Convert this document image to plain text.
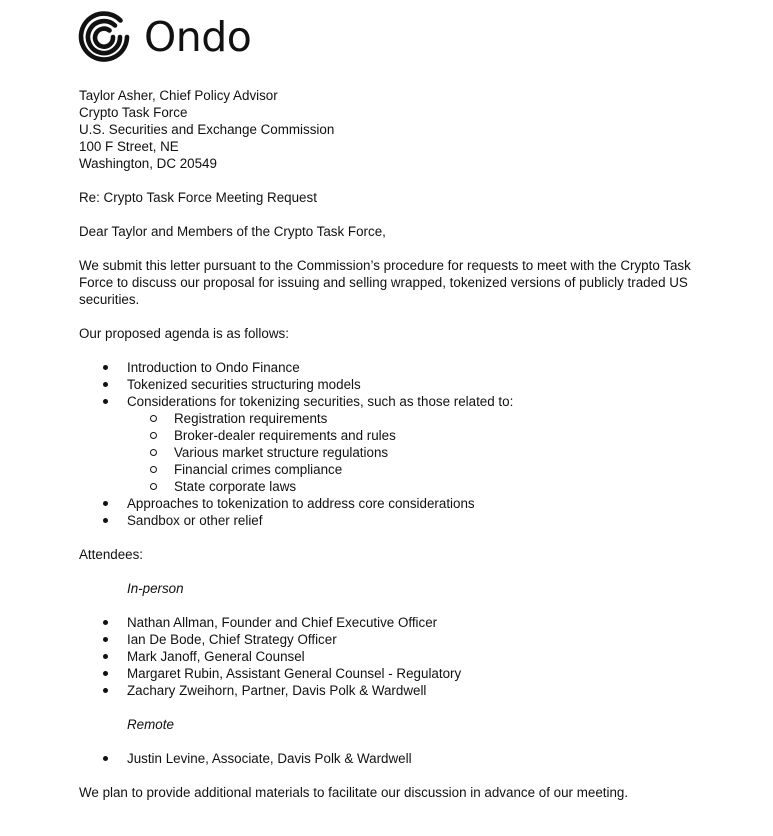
Ondo
Taylor Asher, Chief Policy Advisor
Crypto Task Force
U.S. Securities and Exchange Commission
100 F Street, NE
Washington, DC 20549
Re: Crypto Task Force Meeting Request
Dear Taylor and Members of the Crypto Task Force,
We submit this letter pursuant to the Commission’s procedure for requests to meet with the Crypto Task
Force to discuss our proposal for issuing and selling wrapped, tokenized versions of publicly traded US
securities.
Our proposed agenda is as follows:
Introduction to Ondo Finance
Tokenized securities structuring models
Considerations for tokenizing securities, such as those related to:
Registration requirements
Broker-dealer requirements and rules
Various market structure regulations
Financial crimes compliance
State corporate laws
Approaches to tokenization to address core considerations
Sandbox or other relief
Attendees:
In-person
Nathan Allman, Founder and Chief Executive Officer
Ian De Bode, Chief Strategy Officer
Mark Janoff, General Counsel
Margaret Rubin, Assistant General Counsel - Regulatory
Zachary Zweihorn, Partner, Davis Polk & Wardwell
Remote
Justin Levine, Associate, Davis Polk & Wardwell
We plan to provide additional materials to facilitate our discussion in advance of our meeting.
